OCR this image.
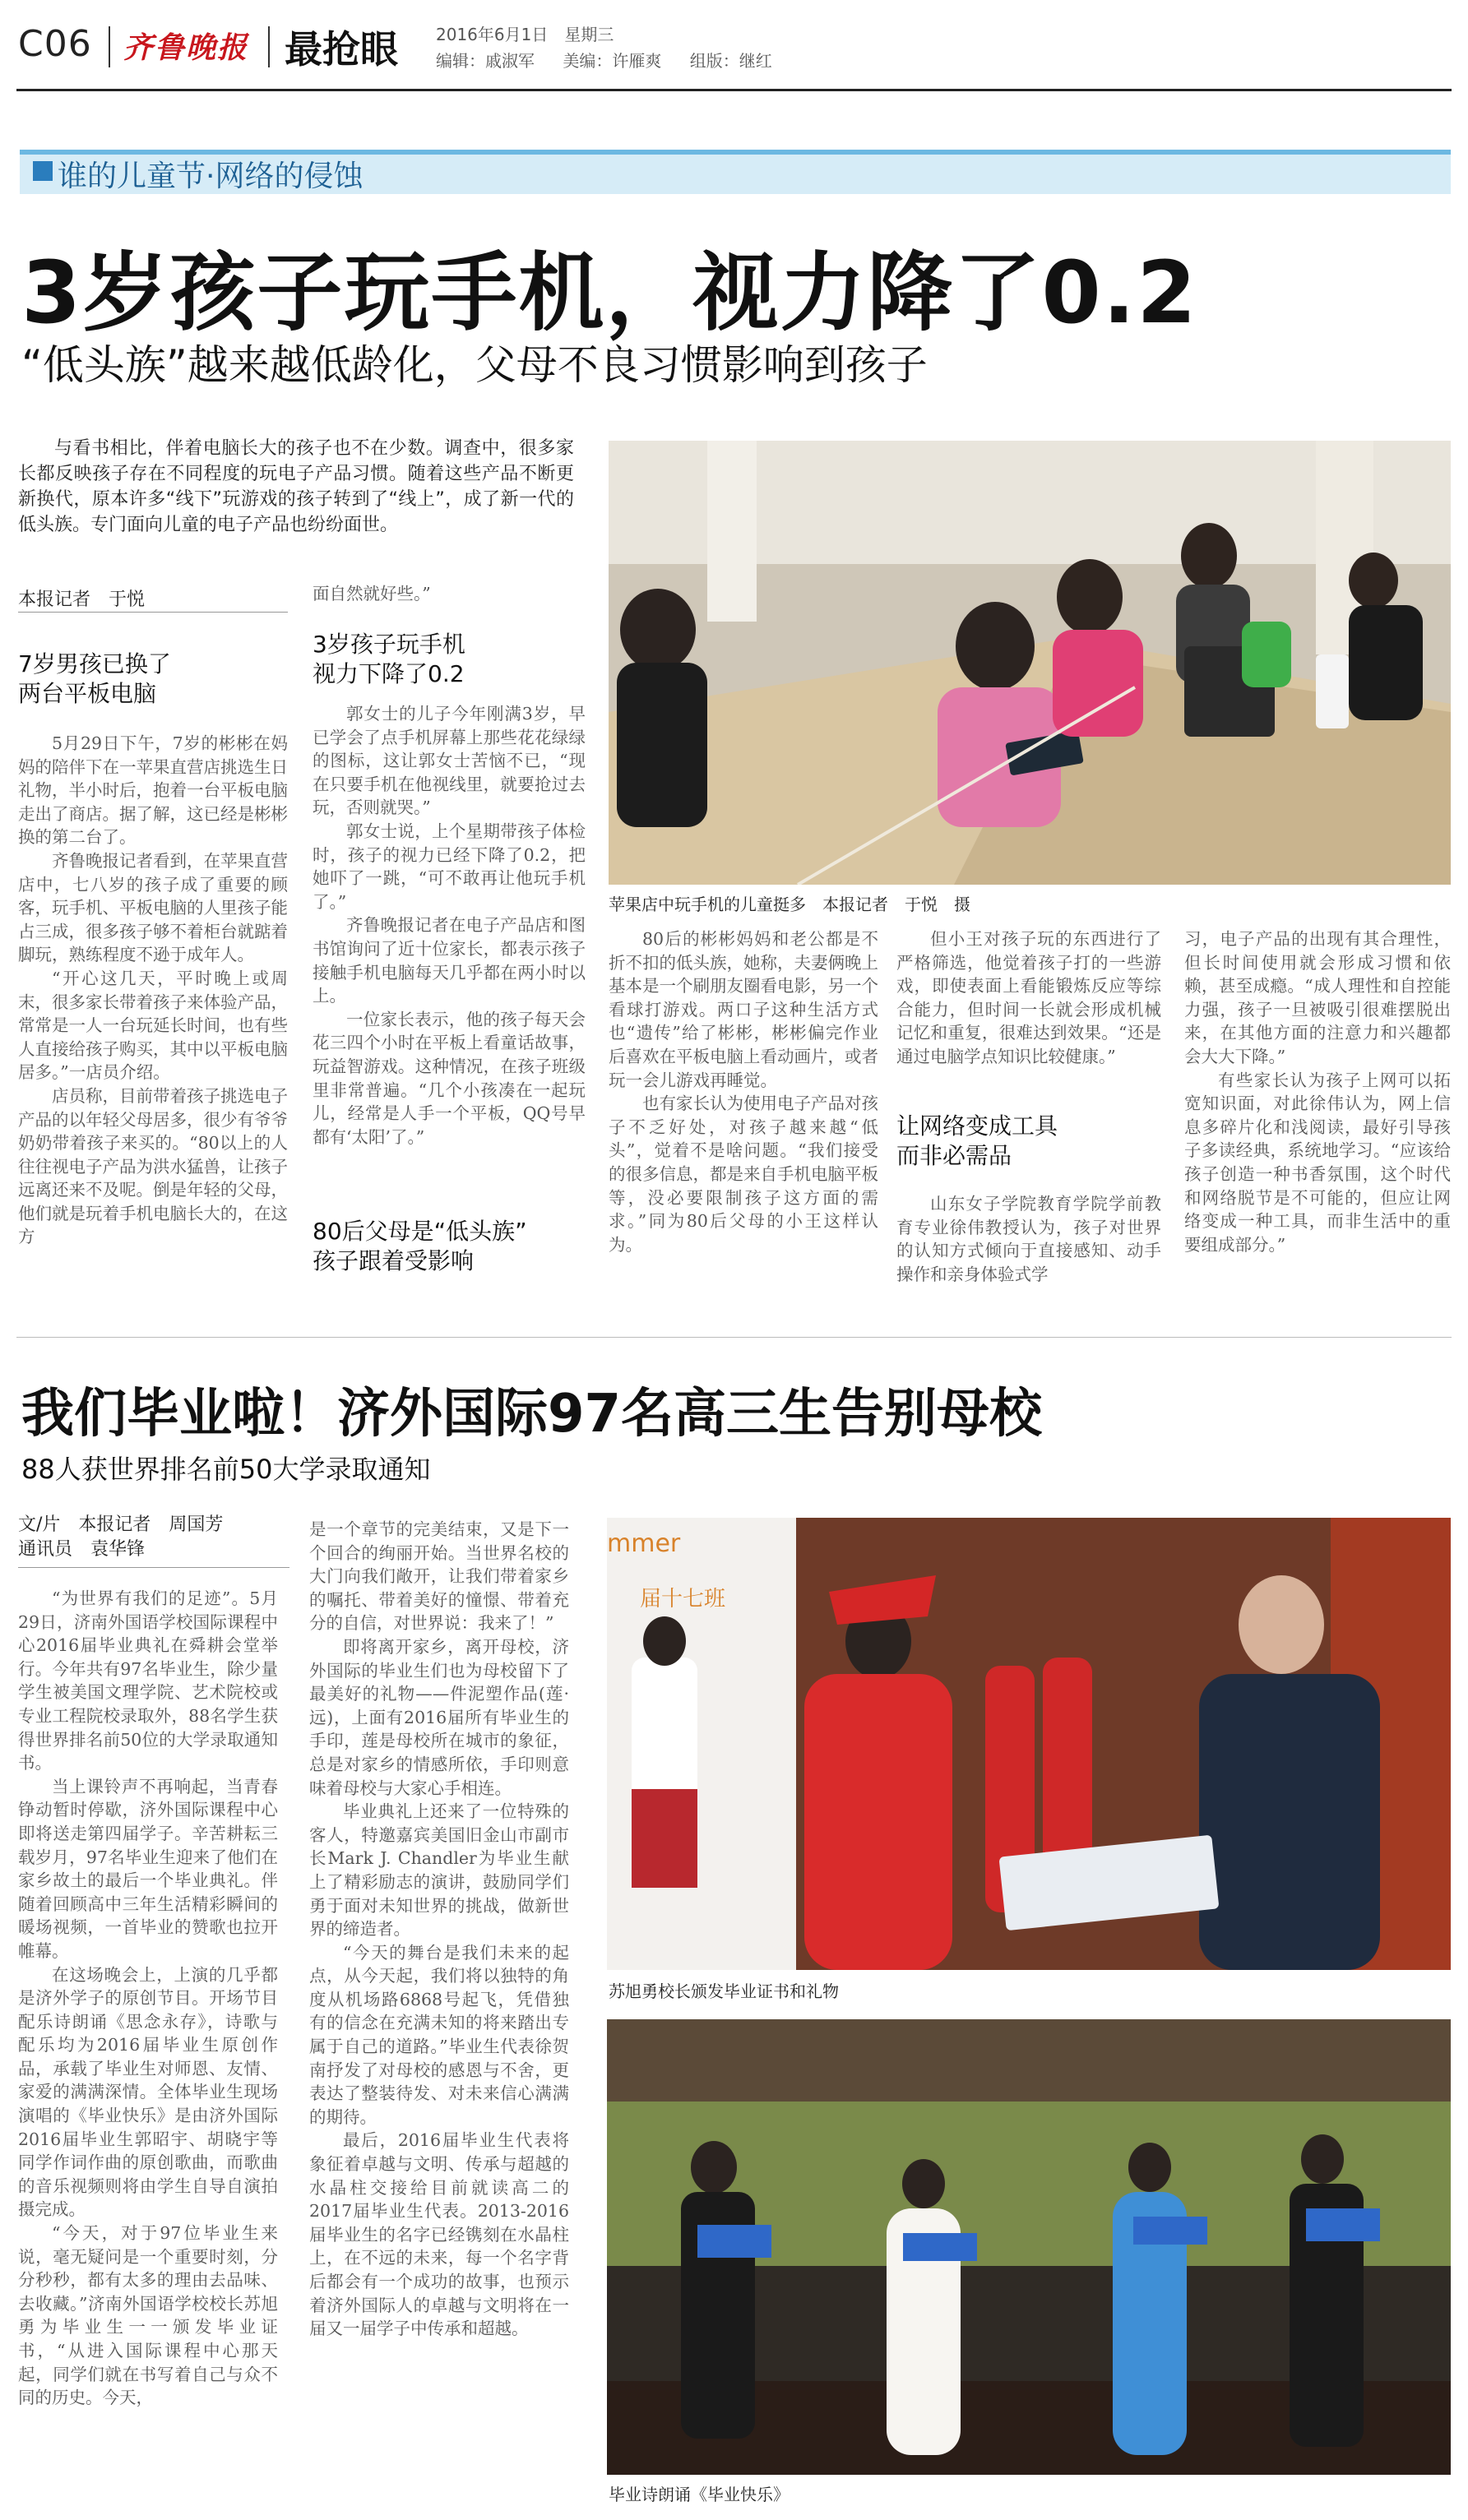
C06 齐鲁晚报 最抢眼 2016年6月1日　星期三
编辑：戚淑军 美编：许雁爽 组版：继红
谁的儿童节·网络的侵蚀
3岁孩子玩手机，视力降了0.2
“低头族”越来越低龄化，父母不良习惯影响到孩子
与看书相比，伴着电脑长大的孩子也不在少数。调查中，很多家长都反映孩子存在不同程度的玩电子产品习惯。随着这些产品不断更新换代，原本许多“线下”玩游戏的孩子转到了“线上”，成了新一代的低头族。专门面向儿童的电子产品也纷纷面世。
苹果店中玩手机的儿童挺多　本报记者　于悦　摄
本报记者　于悦
7岁男孩已换了
两台平板电脑

5月29日下午，7岁的彬彬在妈妈的陪伴下在一苹果直营店挑选生日礼物，半小时后，抱着一台平板电脑走出了商店。据了解，这已经是彬彬换的第二台了。

齐鲁晚报记者看到，在苹果直营店中，七八岁的孩子成了重要的顾客，玩手机、平板电脑的人里孩子能占三成，很多孩子够不着柜台就踮着脚玩，熟练程度不逊于成年人。

“开心这几天，平时晚上或周末，很多家长带着孩子来体验产品，常常是一人一台玩延长时间，也有些人直接给孩子购买，其中以平板电脑居多。”一店员介绍。

店员称，目前带着孩子挑选电子产品的以年轻父母居多，很少有爷爷奶奶带着孩子来买的。“80以上的人往往视电子产品为洪水猛兽，让孩子远离还来不及呢。倒是年轻的父母，他们就是玩着手机电脑长大的，在这方

面自然就好些。”

3岁孩子玩手机
视力下降了0.2

郭女士的儿子今年刚满3岁，早已学会了点手机屏幕上那些花花绿绿的图标，这让郭女士苦恼不已，“现在只要手机在他视线里，就要抢过去玩，否则就哭。”

郭女士说，上个星期带孩子体检时，孩子的视力已经下降了0.2，把她吓了一跳，“可不敢再让他玩手机了。”

齐鲁晚报记者在电子产品店和图书馆询问了近十位家长，都表示孩子接触手机电脑每天几乎都在两小时以上。

一位家长表示，他的孩子每天会花三四个小时在平板上看童话故事，玩益智游戏。这种情况，在孩子班级里非常普遍。“几个小孩凑在一起玩儿，经常是人手一个平板，QQ号早都有‘太阳’了。”

80后父母是“低头族”
孩子跟着受影响

80后的彬彬妈妈和老公都是不折不扣的低头族，她称，夫妻俩晚上基本是一个刷朋友圈看电影，另一个看球打游戏。两口子这种生活方式也“遗传”给了彬彬，彬彬偏完作业后喜欢在平板电脑上看动画片，或者玩一会儿游戏再睡觉。

也有家长认为使用电子产品对孩子不乏好处，对孩子越来越“低头”，觉着不是啥问题。“我们接受的很多信息，都是来自手机电脑平板等，没必要限制孩子这方面的需求。”同为80后父母的小王这样认为。

但小王对孩子玩的东西进行了严格筛选，他觉着孩子打的一些游戏，即使表面上看能锻炼反应等综合能力，但时间一长就会形成机械记忆和重复，很难达到效果。“还是通过电脑学点知识比较健康。”

让网络变成工具
而非必需品

山东女子学院教育学院学前教育专业徐伟教授认为，孩子对世界的认知方式倾向于直接感知、动手操作和亲身体验式学

习，电子产品的出现有其合理性，但长时间使用就会形成习惯和依赖，甚至成瘾。“成人理性和自控能力强，孩子一旦被吸引很难摆脱出来，在其他方面的注意力和兴趣都会大大下降。”

有些家长认为孩子上网可以拓宽知识面，对此徐伟认为，网上信息多碎片化和浅阅读，最好引导孩子多读经典，系统地学习。“应该给孩子创造一种书香氛围，这个时代和网络脱节是不可能的，但应让网络变成一种工具，而非生活中的重要组成部分。”

我们毕业啦！济外国际97名高三生告别母校
88人获世界排名前50大学录取通知
文/片　本报记者　周国芳
通讯员　袁华锋

“为世界有我们的足迹”。5月29日，济南外国语学校国际课程中心2016届毕业典礼在舜耕会堂举行。今年共有97名毕业生，除少量学生被美国文理学院、艺术院校或专业工程院校录取外，88名学生获得世界排名前50位的大学录取通知书。

当上课铃声不再响起，当青春铮动暂时停歇，济外国际课程中心即将送走第四届学子。辛苦耕耘三载岁月，97名毕业生迎来了他们在家乡故土的最后一个毕业典礼。伴随着回顾高中三年生活精彩瞬间的暖场视频，一首毕业的赞歌也拉开帷幕。

在这场晚会上，上演的几乎都是济外学子的原创节目。开场节目配乐诗朗诵《思念永存》，诗歌与配乐均为2016届毕业生原创作品，承载了毕业生对师恩、友情、家爱的满满深情。全体毕业生现场演唱的《毕业快乐》是由济外国际2016届毕业生郭昭宇、胡晓宇等同学作词作曲的原创歌曲，而歌曲的音乐视频则将由学生自导自演拍摄完成。

“今天，对于97位毕业生来说，毫无疑问是一个重要时刻，分分秒秒，都有太多的理由去品味、去收藏。”济南外国语学校校长苏旭勇为毕业生一一颁发毕业证书，“从进入国际课程中心那天起，同学们就在书写着自己与众不同的历史。今天，

是一个章节的完美结束，又是下一个回合的绚丽开始。当世界名校的大门向我们敞开，让我们带着家乡的嘱托、带着美好的憧憬、带着充分的自信，对世界说：我来了！”

即将离开家乡，离开母校，济外国际的毕业生们也为母校留下了最美好的礼物——件泥塑作品(莲·远)，上面有2016届所有毕业生的手印，莲是母校所在城市的象征，总是对家乡的情感所依，手印则意味着母校与大家心手相连。

毕业典礼上还来了一位特殊的客人，特邀嘉宾美国旧金山市副市长Mark J. Chandler为毕业生献上了精彩励志的演讲，鼓励同学们勇于面对未知世界的挑战，做新世界的缔造者。

“今天的舞台是我们未来的起点，从今天起，我们将以独特的角度从机场路6868号起飞，凭借独有的信念在充满未知的将来踏出专属于自己的道路。”毕业生代表徐贺南抒发了对母校的感恩与不舍，更表达了整装待发、对未来信心满满的期待。

最后，2016届毕业生代表将象征着卓越与文明、传承与超越的水晶柱交接给目前就读高二的2017届毕业生代表。2013-2016届毕业生的名字已经镌刻在水晶柱上，在不远的未来，每一个名字背后都会有一个成功的故事，也预示着济外国际人的卓越与文明将在一届又一届学子中传承和超越。

mmer
届十七班
苏旭勇校长颁发毕业证书和礼物
毕业诗朗诵《毕业快乐》
